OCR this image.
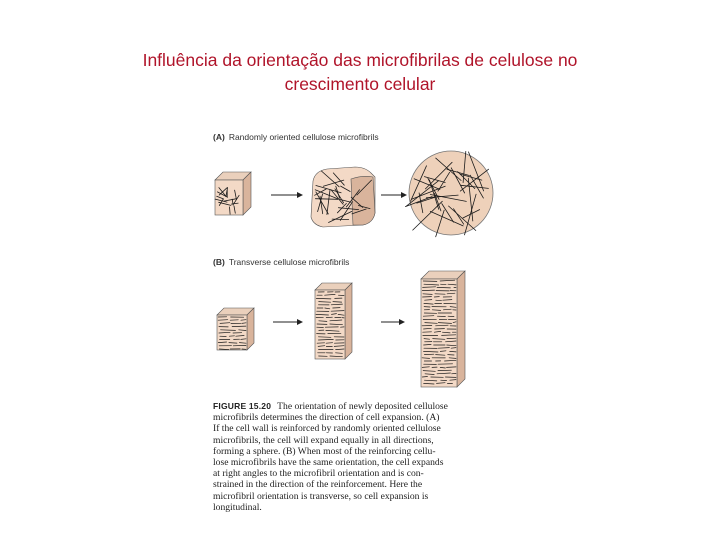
Influência da orientação das microfibrilas de celulose no
crescimento celular
(A) Randomly oriented cellulose microfibrils
(B) Transverse cellulose microfibrils
FIGURE 15.20 The orientation of newly deposited cellulose
microfibrils determines the direction of cell expansion. (A)
If the cell wall is reinforced by randomly oriented cellulose
microfibrils, the cell will expand equally in all directions,
forming a sphere. (B) When most of the reinforcing cellu-
lose microfibrils have the same orientation, the cell expands
at right angles to the microfibril orientation and is con-
strained in the direction of the reinforcement. Here the
microfibril orientation is transverse, so cell expansion is
longitudinal.
